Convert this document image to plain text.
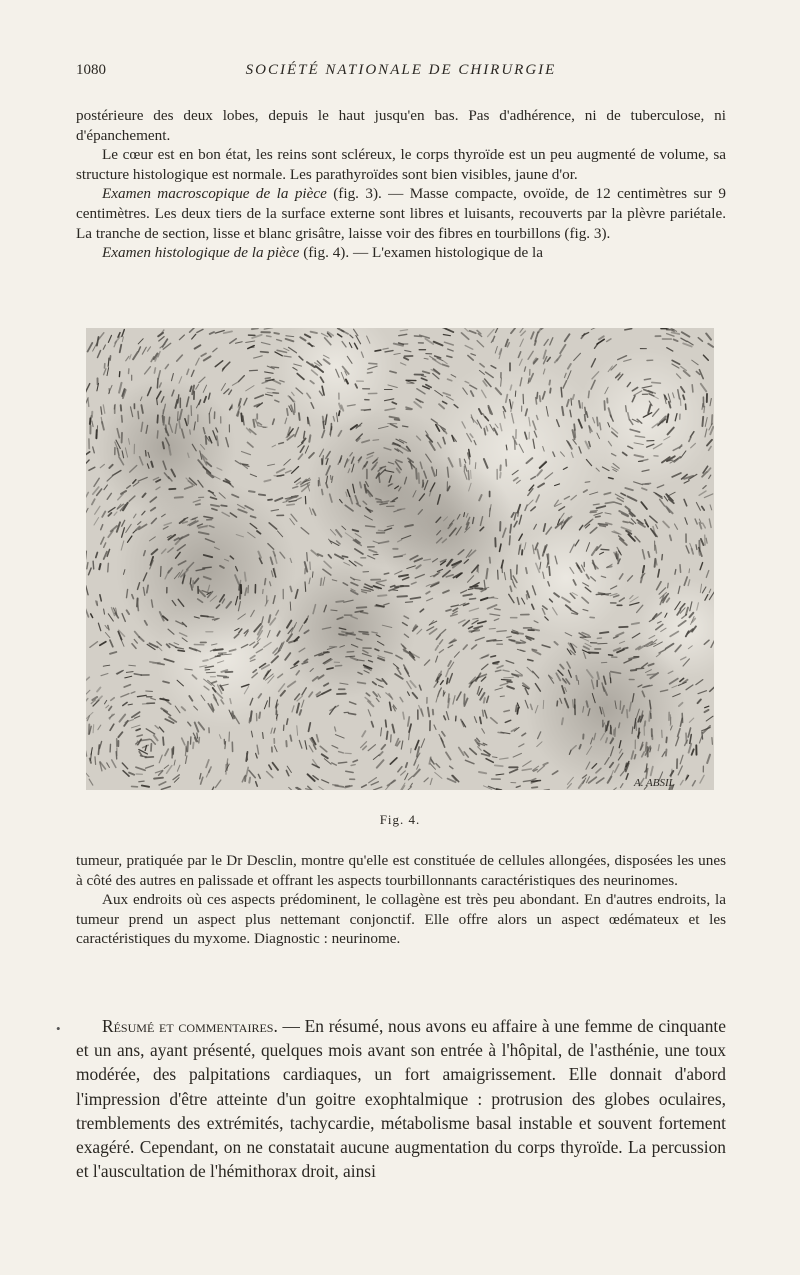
1080	SOCIÉTÉ NATIONALE DE CHIRURGIE

postérieure des deux lobes, depuis le haut jusqu'en bas. Pas d'adhérence, ni de tuberculose, ni d'épanchement.

Le cœur est en bon état, les reins sont scléreux, le corps thyroïde est un peu augmenté de volume, sa structure histologique est normale. Les parathyroïdes sont bien visibles, jaune d'or.

Examen macroscopique de la pièce (fig. 3). — Masse compacte, ovoïde, de 12 centimètres sur 9 centimètres. Les deux tiers de la surface externe sont libres et luisants, recouverts par la plèvre pariétale. La tranche de section, lisse et blanc grisâtre, laisse voir des fibres en tourbillons (fig. 3).

Examen histologique de la pièce (fig. 4). — L'examen histologique de la

A. ABSIL
Fig. 4.

tumeur, pratiquée par le Dr Desclin, montre qu'elle est constituée de cellules allongées, disposées les unes à côté des autres en palissade et offrant les aspects tourbillonnants caractéristiques des neurinomes.

Aux endroits où ces aspects prédominent, le collagène est très peu abondant. En d'autres endroits, la tumeur prend un aspect plus nettemant conjonctif. Elle offre alors un aspect œdémateux et les caractéristiques du myxome. Diagnostic : neurinome.

•	Résumé et commentaires. — En résumé, nous avons eu affaire à une femme de cinquante et un ans, ayant présenté, quelques mois avant son entrée à l'hôpital, de l'asthénie, une toux modérée, des palpitations cardiaques, un fort amaigrissement. Elle donnait d'abord l'impression d'être atteinte d'un goitre exophtalmique : protrusion des globes oculaires, tremblements des extrémités, tachycardie, métabolisme basal instable et souvent fortement exagéré. Cependant, on ne constatait aucune augmentation du corps thyroïde. La percussion et l'auscultation de l'hémithorax droit, ainsi
